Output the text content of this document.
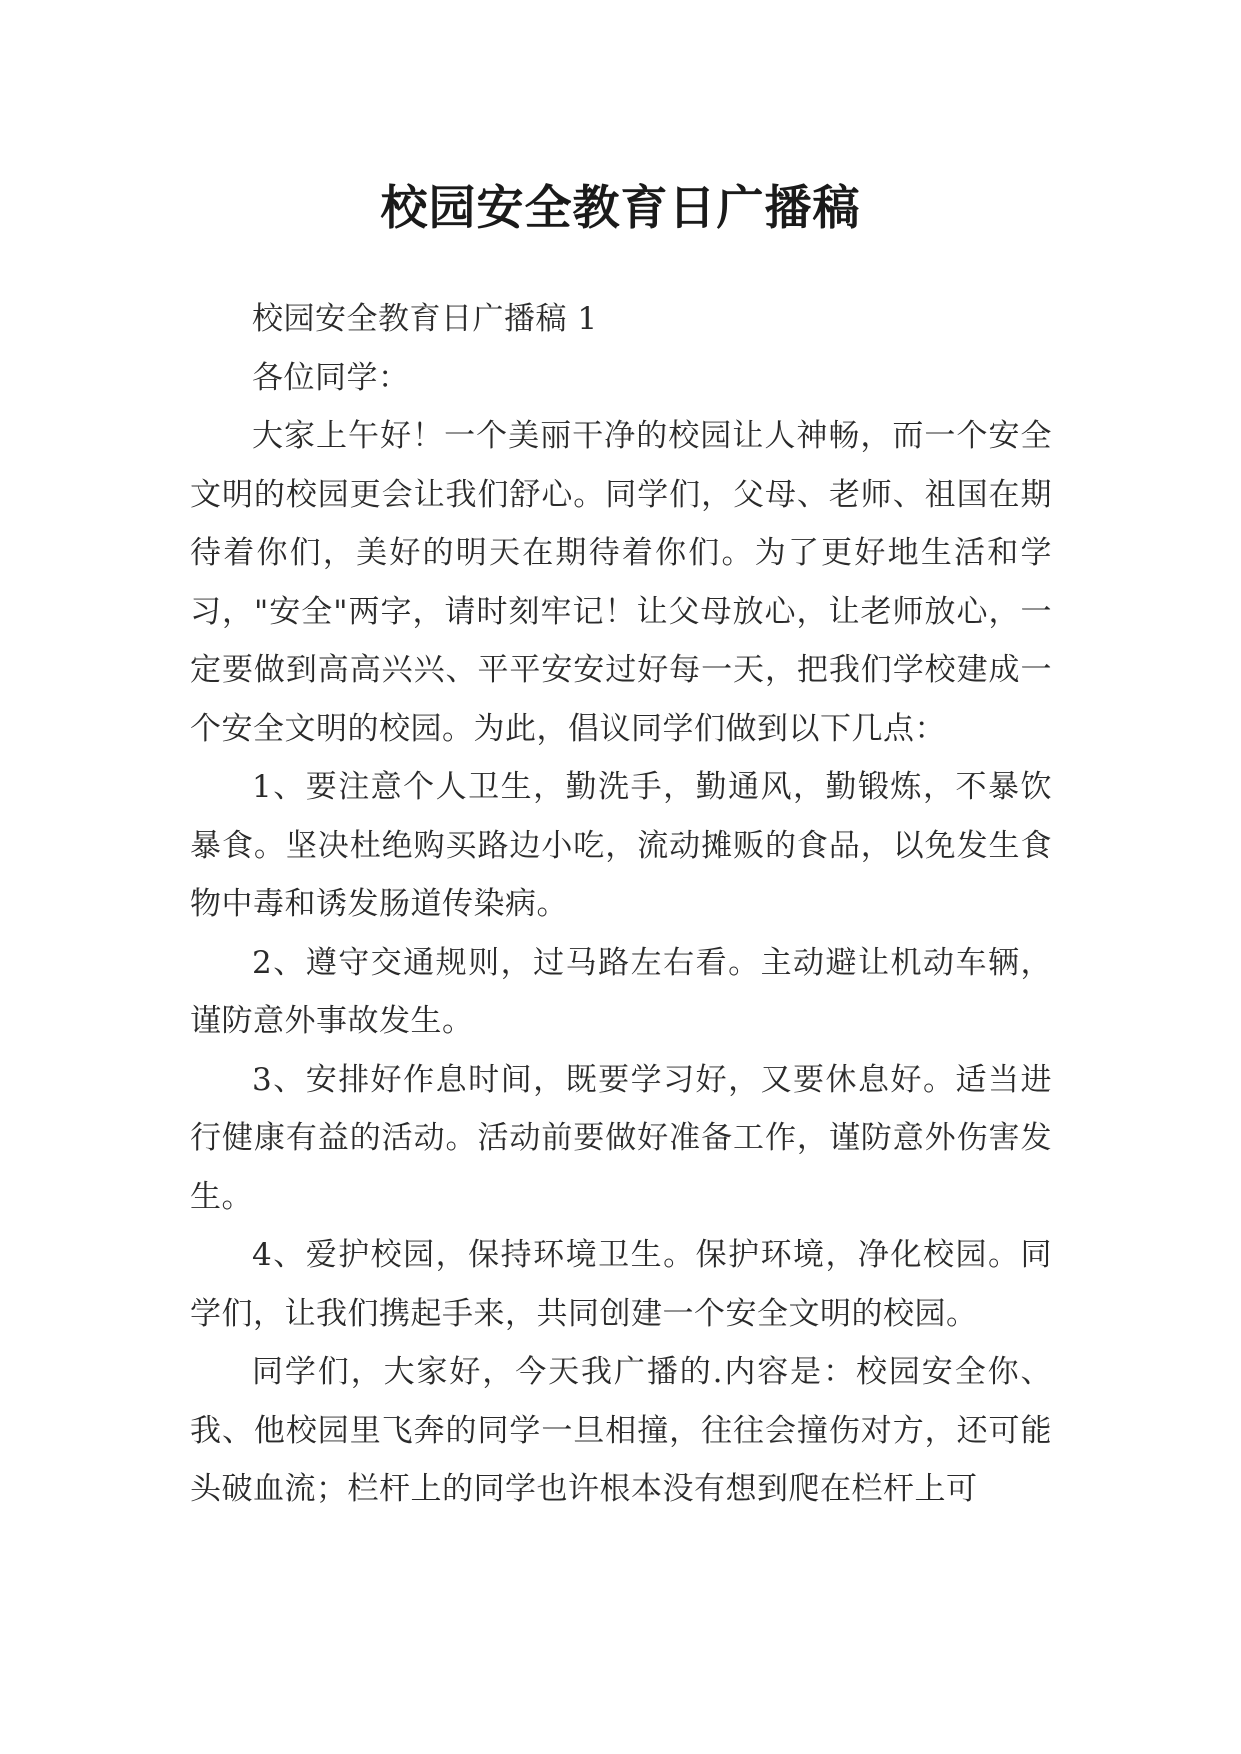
校园安全教育日广播稿

校园安全教育日广播稿 1

各位同学：

大家上午好！一个美丽干净的校园让人神畅，而一个安全文明的校园更会让我们舒心。同学们，父母、老师、祖国在期待着你们，美好的明天在期待着你们。为了更好地生活和学习，"安全"两字，请时刻牢记！让父母放心，让老师放心，一定要做到高高兴兴、平平安安过好每一天，把我们学校建成一个安全文明的校园。为此，倡议同学们做到以下几点：

1、要注意个人卫生，勤洗手，勤通风，勤锻炼，不暴饮暴食。坚决杜绝购买路边小吃，流动摊贩的食品，以免发生食物中毒和诱发肠道传染病。

2、遵守交通规则，过马路左右看。主动避让机动车辆，谨防意外事故发生。

3、安排好作息时间，既要学习好，又要休息好。适当进行健康有益的活动。活动前要做好准备工作，谨防意外伤害发生。

4、爱护校园，保持环境卫生。保护环境，净化校园。同学们，让我们携起手来，共同创建一个安全文明的校园。

同学们，大家好，今天我广播的.内容是：校园安全你、我、他校园里飞奔的同学一旦相撞，往往会撞伤对方，还可能头破血流；栏杆上的同学也许根本没有想到爬在栏杆上可
